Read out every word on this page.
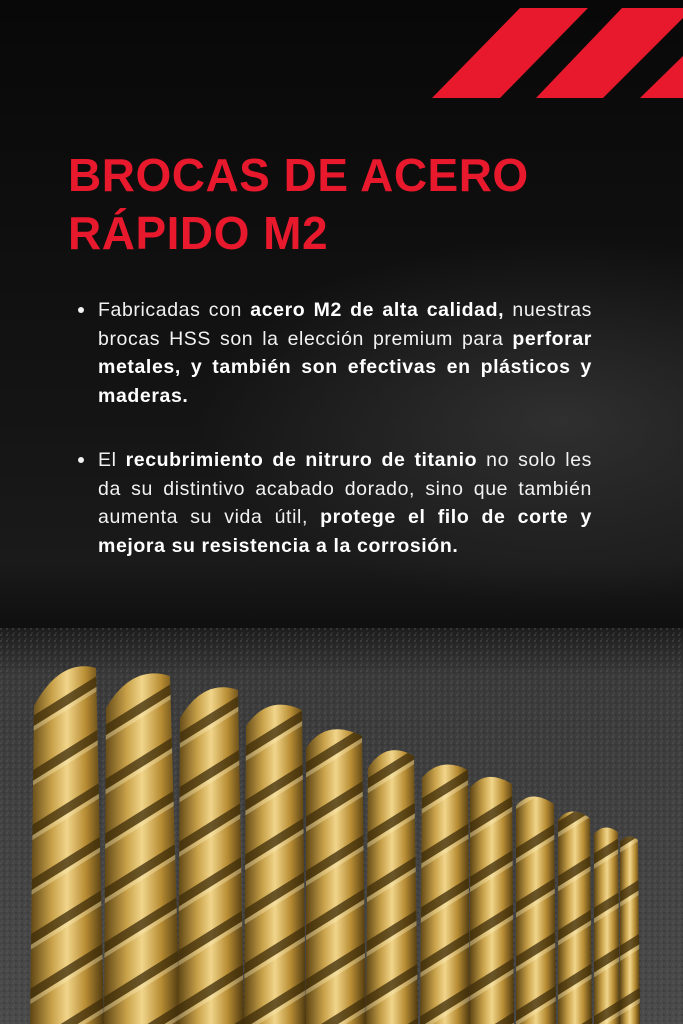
BROCAS DE ACERO
RÁPIDO M2
Fabricadas con acero M2 de alta calidad, nuestras brocas HSS son la elección premium para perforar metales, y también son efectivas en plásticos y maderas.
El recubrimiento de nitruro de titanio no solo les da su distintivo acabado dorado, sino que también aumenta su vida útil, protege el filo de corte y mejora su resistencia a la corrosión.
